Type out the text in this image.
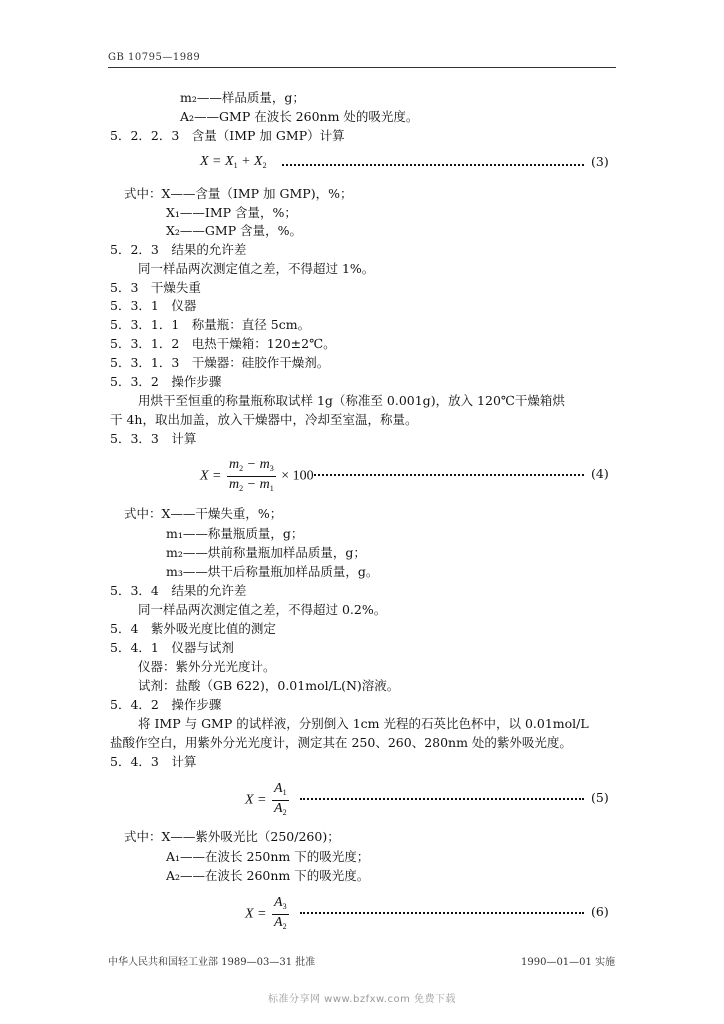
GB 10795—1989
m₂——样品质量，g；
A₂——GMP 在波长 260nm 处的吸光度。
5．2．2．3　含量（IMP 加 GMP）计算
$X = X_1 + X_2$	(3)
式中：X——含量（IMP 加 GMP)，%；
X₁——IMP 含量，%；
X₂——GMP 含量，%。
5．2．3　结果的允许差
同一样品两次测定值之差，不得超过 1%。
5．3　干燥失重
5．3．1　仪器
5．3．1．1　称量瓶：直径 5cm。
5．3．1．2　电热干燥箱：120±2℃。
5．3．1．3　干燥器：硅胶作干燥剂。
5．3．2　操作步骤
用烘干至恒重的称量瓶称取试样 1g（称准至 0.001g)，放入 120℃干燥箱烘
干 4h，取出加盖，放入干燥器中，冷却至室温，称量。
5．3．3　计算
$X = \frac{m_2 - m_3}{m_2 - m_1} \times 100$	(4)
式中：X——干燥失重，%；
m₁——称量瓶质量，g；
m₂——烘前称量瓶加样品质量，g；
m₃——烘干后称量瓶加样品质量，g。
5．3．4　结果的允许差
同一样品两次测定值之差，不得超过 0.2%。
5．4　紫外吸光度比值的测定
5．4．1　仪器与试剂
仪器：紫外分光光度计。
试剂：盐酸（GB 622)，0.01mol/L(N)溶液。
5．4．2　操作步骤
将 IMP 与 GMP 的试样液，分别倒入 1cm 光程的石英比色杯中，以 0.01mol/L
盐酸作空白，用紫外分光光度计，测定其在 250、260、280nm 处的紫外吸光度。
5．4．3　计算
$X = \frac{A_1}{A_2}$	(5)
式中：X——紫外吸光比（250/260)；
A₁——在波长 250nm 下的吸光度；
A₂——在波长 260nm 下的吸光度。
$X = \frac{A_3}{A_2}$	(6)
中华人民共和国轻工业部 1989—03—31 批准	1990—01—01 实施
标准分享网 www.bzfxw.com 免费下载
